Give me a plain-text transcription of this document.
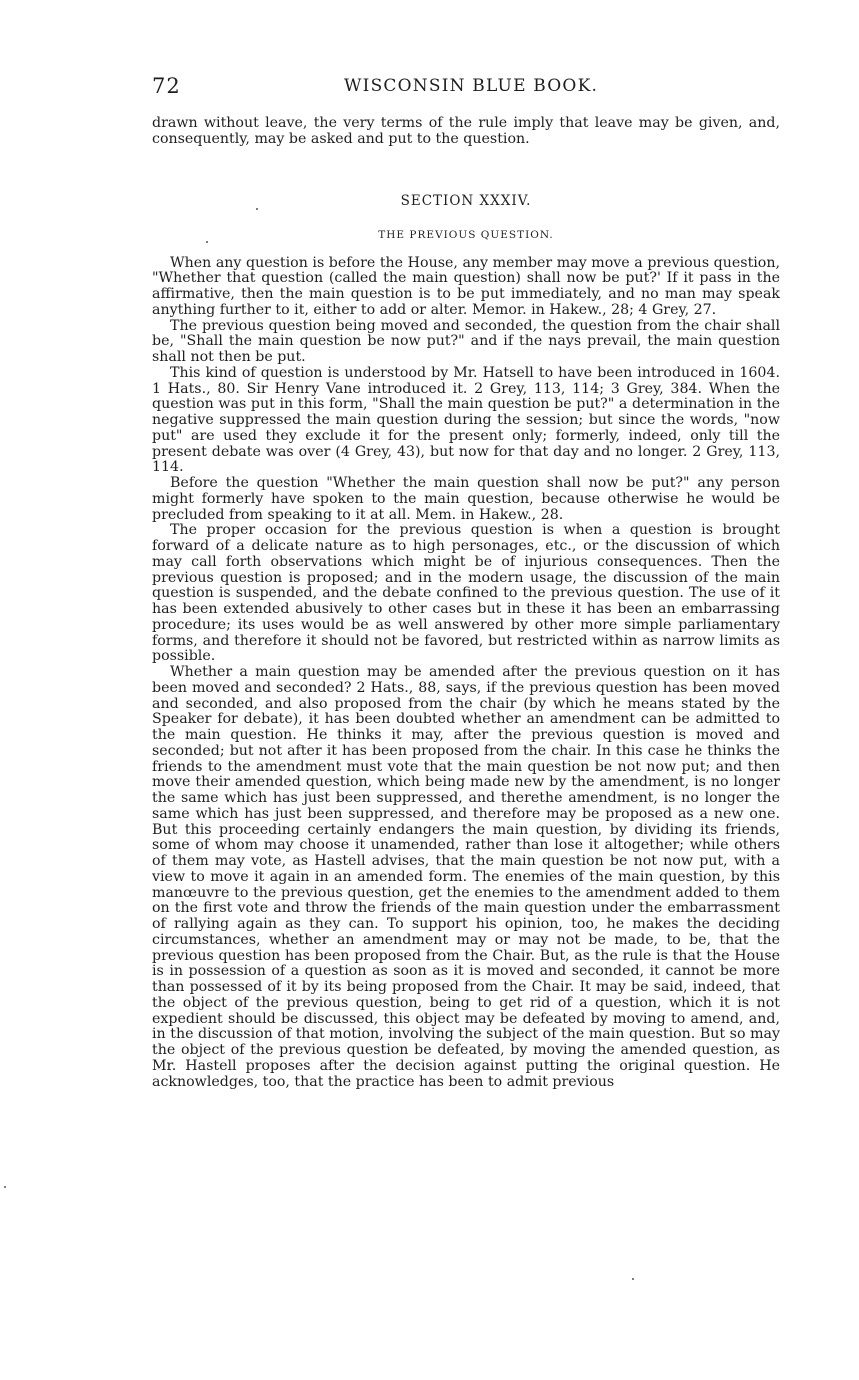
72	WISCONSIN BLUE BOOK.

drawn without leave, the very terms of the rule imply that leave may be given, and, consequently, may be asked and put to the question.

SECTION XXXIV.
THE PREVIOUS QUESTION.

When any question is before the House, any member may move a previous question, "Whether that question (called the main question) shall now be put?' If it pass in the affirmative, then the main question is to be put immediately, and no man may speak anything further to it, either to add or alter. Memor. in Hakew., 28; 4 Grey, 27.

The previous question being moved and seconded, the question from the chair shall be, "Shall the main question be now put?" and if the nays prevail, the main question shall not then be put.

This kind of question is understood by Mr. Hatsell to have been introduced in 1604. 1 Hats., 80. Sir Henry Vane introduced it. 2 Grey, 113, 114; 3 Grey, 384. When the question was put in this form, "Shall the main question be put?" a determination in the negative suppressed the main question during the session; but since the words, "now put" are used they exclude it for the present only; formerly, indeed, only till the present debate was over (4 Grey, 43), but now for that day and no longer. 2 Grey, 113, 114.

Before the question "Whether the main question shall now be put?" any person might formerly have spoken to the main question, because otherwise he would be precluded from speaking to it at all. Mem. in Hakew., 28.

The proper occasion for the previous question is when a question is brought forward of a delicate nature as to high personages, etc., or the discussion of which may call forth observations which might be of injurious consequences. Then the previous question is proposed; and in the modern usage, the discussion of the main question is suspended, and the debate confined to the previous question. The use of it has been extended abusively to other cases but in these it has been an embarrassing procedure; its uses would be as well answered by other more simple parliamentary forms, and therefore it should not be favored, but restricted within as narrow limits as possible.

Whether a main question may be amended after the previous question on it has been moved and seconded? 2 Hats., 88, says, if the previous question has been moved and seconded, and also proposed from the chair (by which he means stated by the Speaker for debate), it has been doubted whether an amendment can be admitted to the main question. He thinks it may, after the previous question is moved and seconded; but not after it has been proposed from the chair. In this case he thinks the friends to the amendment must vote that the main question be not now put; and then move their amended question, which being made new by the amendment, is no longer the same which has just been suppressed, and therethe amendment, is no longer the same which has just been suppressed, and therefore may be proposed as a new one. But this proceeding certainly endangers the main question, by dividing its friends, some of whom may choose it unamended, rather than lose it altogether; while others of them may vote, as Hastell advises, that the main question be not now put, with a view to move it again in an amended form. The enemies of the main question, by this manœuvre to the previous question, get the enemies to the amendment added to them on the first vote and throw the friends of the main question under the embarrassment of rallying again as they can. To support his opinion, too, he makes the deciding circumstances, whether an amendment may or may not be made, to be, that the previous question has been proposed from the Chair. But, as the rule is that the House is in possession of a question as soon as it is moved and seconded, it cannot be more than possessed of it by its being proposed from the Chair. It may be said, indeed, that the object of the previous question, being to get rid of a question, which it is not expedient should be discussed, this object may be defeated by moving to amend, and, in the discussion of that motion, involving the subject of the main question. But so may the object of the previous question be defeated, by moving the amended question, as Mr. Hastell proposes after the decision against putting the original question. He acknowledges, too, that the practice has been to admit previous
